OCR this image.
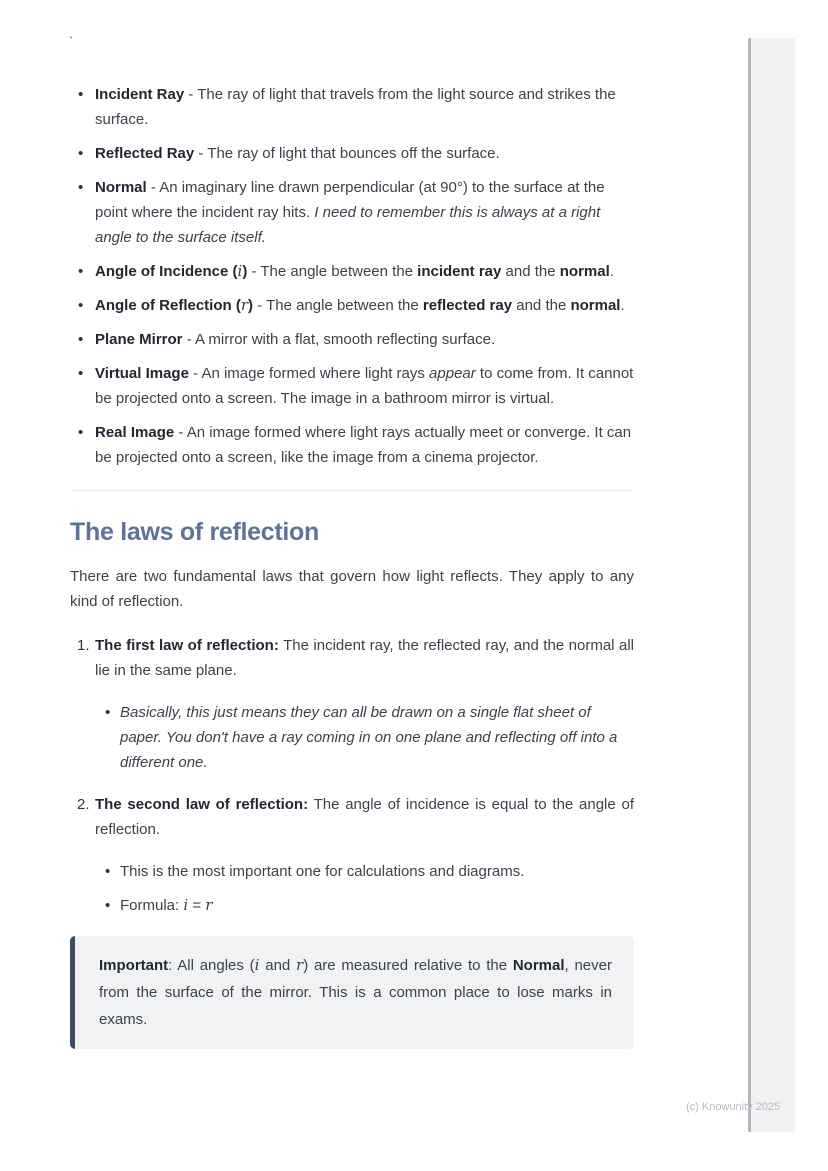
`
(c) Knowunity 2025
• Incident Ray - The ray of light that travels from the light source and strikes the surface.
• Reflected Ray - The ray of light that bounces off the surface.
• Normal - An imaginary line drawn perpendicular (at 90°) to the surface at the point where the incident ray hits. I need to remember this is always at a right angle to the surface itself.
• Angle of Incidence (i) - The angle between the incident ray and the normal.
• Angle of Reflection (r) - The angle between the reflected ray and the normal.
• Plane Mirror - A mirror with a flat, smooth reflecting surface.
• Virtual Image - An image formed where light rays appear to come from. It cannot be projected onto a screen. The image in a bathroom mirror is virtual.
• Real Image - An image formed where light rays actually meet or converge. It can be projected onto a screen, like the image from a cinema projector.
The laws of reflection

There are two fundamental laws that govern how light reflects. They apply to any kind of reflection.

1. The first law of reflection: The incident ray, the reflected ray, and the normal all lie in the same plane.
• Basically, this just means they can all be drawn on a single flat sheet of paper. You don't have a ray coming in on one plane and reflecting off into a different one.
2. The second law of reflection: The angle of incidence is equal to the angle of reflection.
• This is the most important one for calculations and diagrams.
• Formula: i = r

Important: All angles (i and r) are measured relative to the Normal, never from the surface of the mirror. This is a common place to lose marks in exams.
